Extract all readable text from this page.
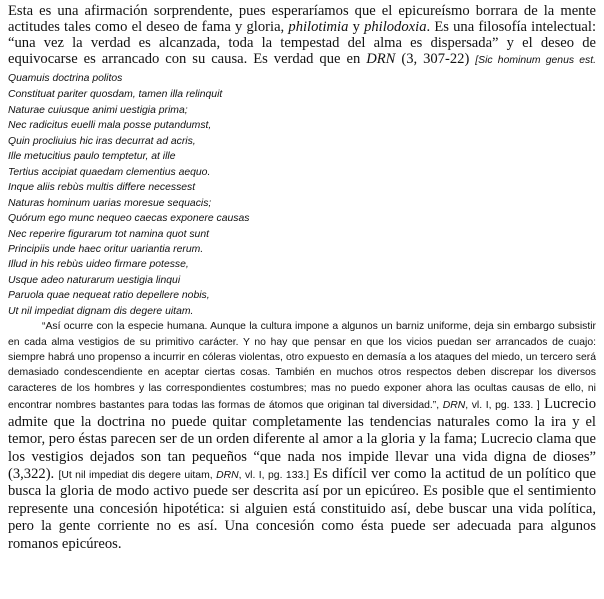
Esta es una afirmación sorprendente, pues esperaríamos que el epicureísmo borrara de la mente actitudes tales como el deseo de fama y gloria, philotimia y philodoxia. Es una filosofía intelectual: “una vez la verdad es alcanzada, toda la tempestad del alma es dispersada” y el deseo de equivocarse es arrancado con su causa. Es verdad que en DRN (3, 307-22) [Sic hominum genus est. Quamuis doctrina politos

Constituat pariter quosdam, tamen illa relinquit
Naturae cuiusque animi uestigia prima;
Nec radicitus euelli mala posse putandumst,
Quin procliuius hic iras decurrat ad acris,
Ille metucitius paulo temptetur, at ille
Tertius accipiat quaedam clementius aequo.
Inque aliis rebùs multis differe necessest
Naturas hominum uarias moresue sequacis;
Quórum ego munc nequeo caecas exponere causas
Nec reperire figurarum tot namina quot sunt
Principiis unde haec oritur uariantia rerum.
Illud in his rebùs uideo firmare potesse,
Usque adeo naturarum uestigia linqui
Paruola quae nequeat ratio depellere nobis,
Ut nil impediat dignam dis degere uitam.

“Así ocurre con la especie humana. Aunque la cultura impone a algunos un barniz uniforme, deja sin embargo subsistir en cada alma vestigios de su primitivo carácter. Y no hay que pensar en que los vicios puedan ser arrancados de cuajo: siempre habrá uno propenso a incurrir en cóleras violentas, otro expuesto en demasía a los ataques del miedo, un tercero será demasiado condescendiente en aceptar ciertas cosas. También en muchos otros respectos deben discrepar los diversos caracteres de los hombres y las correspondientes costumbres; mas no puedo exponer ahora las ocultas causas de ello, ni encontrar nombres bastantes para todas las formas de átomos que originan tal diversidad.”, DRN, vl. I, pg. 133. ] Lucrecio admite que la doctrina no puede quitar completamente las tendencias naturales como la ira y el temor, pero éstas parecen ser de un orden diferente al amor a la gloria y la fama; Lucrecio clama que los vestigios dejados son tan pequeños “que nada nos impide llevar una vida digna de dioses” (3,322). [Ut nil impediat dis degere uitam, DRN, vl. I, pg. 133.] Es difícil ver como la actitud de un político que busca la gloria de modo activo puede ser descrita así por un epicúreo. Es posible que el sentimiento represente una concesión hipotética: si alguien está constituido así, debe buscar una vida política, pero la gente corriente no es así. Una concesión como ésta puede ser adecuada para algunos romanos epicúreos.
